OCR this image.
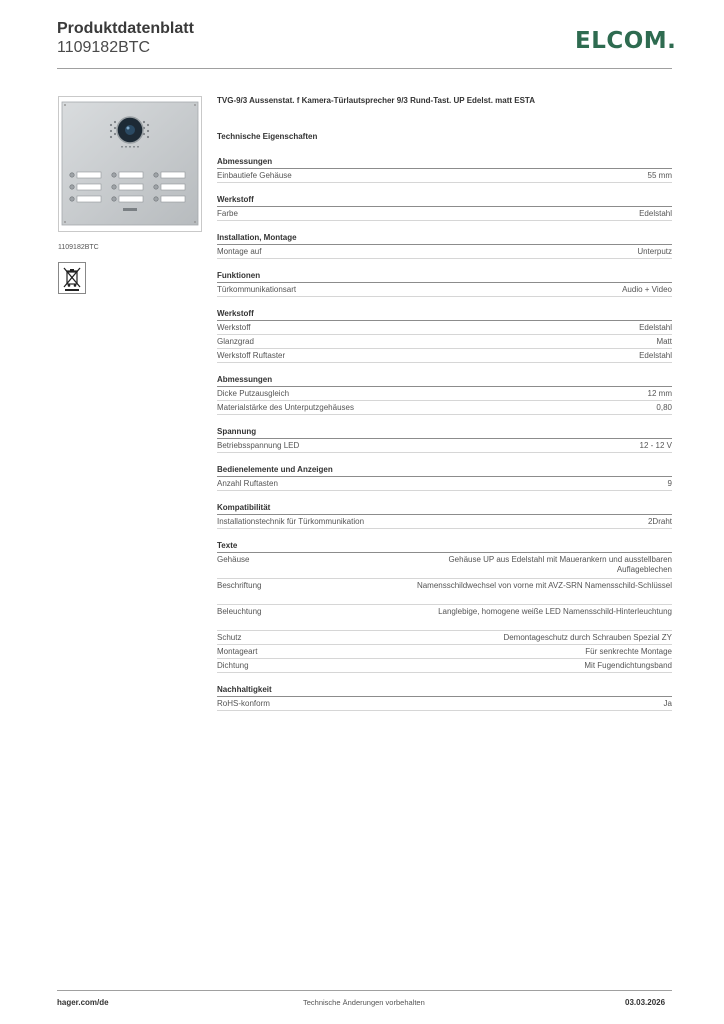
Produktdatenblatt
1109182BTC	ELCOM.
1109182BTC
TVG-9/3 Aussenstat. f Kamera-Türlautsprecher 9/3 Rund-Tast. UP Edelst. matt ESTA
Technische Eigenschaften
Abmessungen
Einbautiefe Gehäuse	55 mm
Werkstoff
Farbe	Edelstahl
Installation, Montage
Montage auf	Unterputz
Funktionen
Türkommunikationsart	Audio + Video
Werkstoff
Werkstoff	Edelstahl
Glanzgrad	Matt
Werkstoff Ruftaster	Edelstahl
Abmessungen
Dicke Putzausgleich	12 mm
Materialstärke des Unterputzgehäuses	0,80
Spannung
Betriebsspannung LED	12 - 12 V
Bedienelemente und Anzeigen
Anzahl Ruftasten	9
Kompatibilität
Installationstechnik für Türkommunikation	2Draht
Texte
Gehäuse	Gehäuse UP aus Edelstahl mit Mauerankern und ausstellbaren Auflageblechen
Beschriftung	Namensschildwechsel von vorne mit AVZ-SRN Namensschild-Schlüssel
Beleuchtung	Langlebige, homogene weiße LED Namensschild-Hinterleuchtung
Schutz	Demontageschutz durch Schrauben Spezial ZY
Montageart	Für senkrechte Montage
Dichtung	Mit Fugendichtungsband
Nachhaltigkeit
RoHS-konform	Ja
hager.com/de	Technische Änderungen vorbehalten	03.03.2026
